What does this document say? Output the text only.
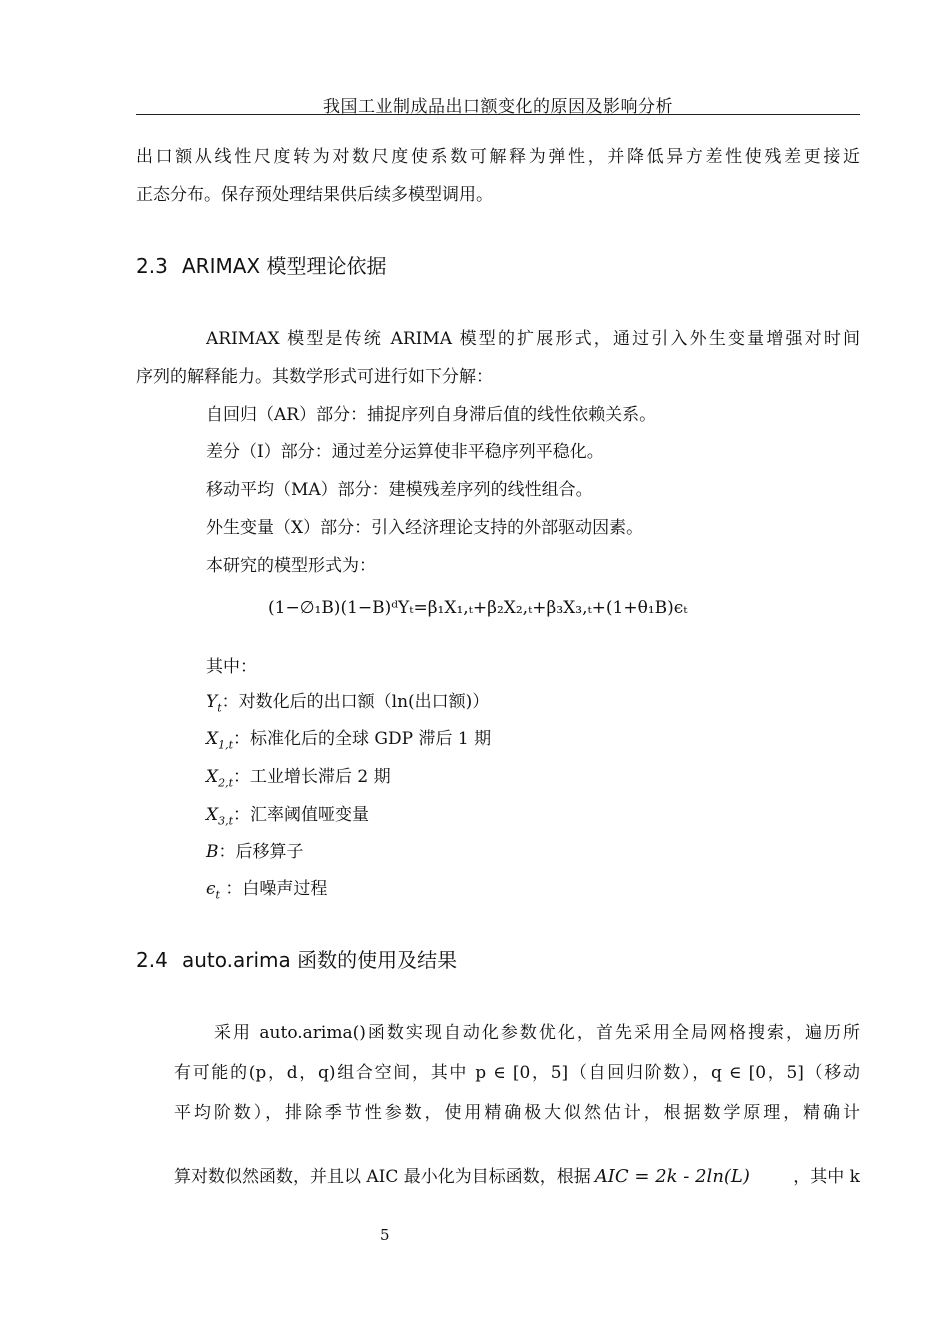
我国工业制成品出口额变化的原因及影响分析
出口额从线性尺度转为对数尺度使系数可解释为弹性，并降低异方差性使残差更接近
正态分布。保存预处理结果供后续多模型调用。
2.3 ARIMAX 模型理论依据
ARIMAX 模型是传统 ARIMA 模型的扩展形式，通过引入外生变量增强对时间
序列的解释能力。其数学形式可进行如下分解：
自回归（AR）部分：捕捉序列自身滞后值的线性依赖关系。
差分（I）部分：通过差分运算使非平稳序列平稳化。
移动平均（MA）部分：建模残差序列的线性组合。
外生变量（X）部分：引入经济理论支持的外部驱动因素。
本研究的模型形式为：
(1−∅₁B)(1−B)ᵈYₜ=β₁X₁,ₜ+β₂X₂,ₜ+β₃X₃,ₜ+(1+θ₁B)ϵₜ
其中：
$Y_t$：对数化后的出口额（ln(出口额)）
$X_{1,t}$：标准化后的全球 GDP 滞后 1 期
$X_{2,t}$：工业增长滞后 2 期
$X_{3,t}$：汇率阈值哑变量
B：后移算子
$\epsilon_t$ ：白噪声过程
2.4 auto.arima 函数的使用及结果
采用 auto.arima()函数实现自动化参数优化，首先采用全局网格搜索，遍历所
有可能的(p，d，q)组合空间，其中 p ∈ [0，5]（自回归阶数），q ∈ [0，5]（移动
平均阶数），排除季节性参数，使用精确极大似然估计，根据数学原理，精确计
算对数似然函数，并且以 AIC 最小化为目标函数，根据 AIC = 2k - 2ln(L)	，其中 k
5
